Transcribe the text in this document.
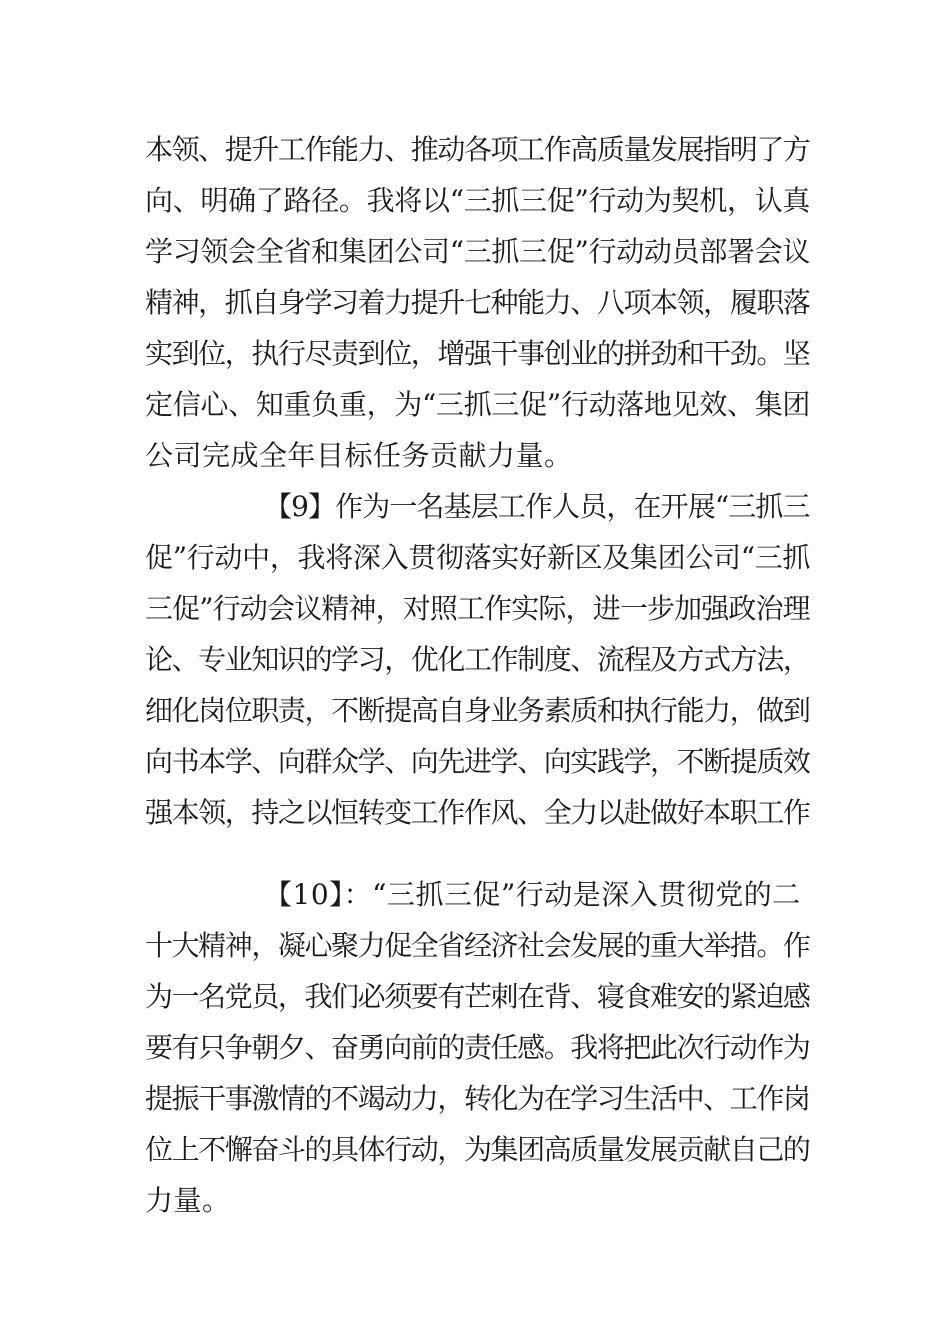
本领、提升工作能力、推动各项工作高质量发展指明了方
向、明确了路径。我将以“三抓三促”行动为契机，认真
学习领会全省和集团公司“三抓三促”行动动员部署会议
精神，抓自身学习着力提升七种能力、八项本领，履职落
实到位，执行尽责到位，增强干事创业的拼劲和干劲。坚
定信心、知重负重，为“三抓三促”行动落地见效、集团
公司完成全年目标任务贡献力量。
【9】作为一名基层工作人员，在开展“三抓三
促”行动中，我将深入贯彻落实好新区及集团公司“三抓
三促”行动会议精神，对照工作实际，进一步加强政治理
论、专业知识的学习，优化工作制度、流程及方式方法，
细化岗位职责，不断提高自身业务素质和执行能力，做到
向书本学、向群众学、向先进学、向实践学，不断提质效
强本领，持之以恒转变工作作风、全力以赴做好本职工作
【10】：“三抓三促”行动是深入贯彻党的二
十大精神，凝心聚力促全省经济社会发展的重大举措。作
为一名党员，我们必须要有芒刺在背、寝食难安的紧迫感
要有只争朝夕、奋勇向前的责任感。我将把此次行动作为
提振干事激情的不竭动力，转化为在学习生活中、工作岗
位上不懈奋斗的具体行动，为集团高质量发展贡献自己的
力量。
